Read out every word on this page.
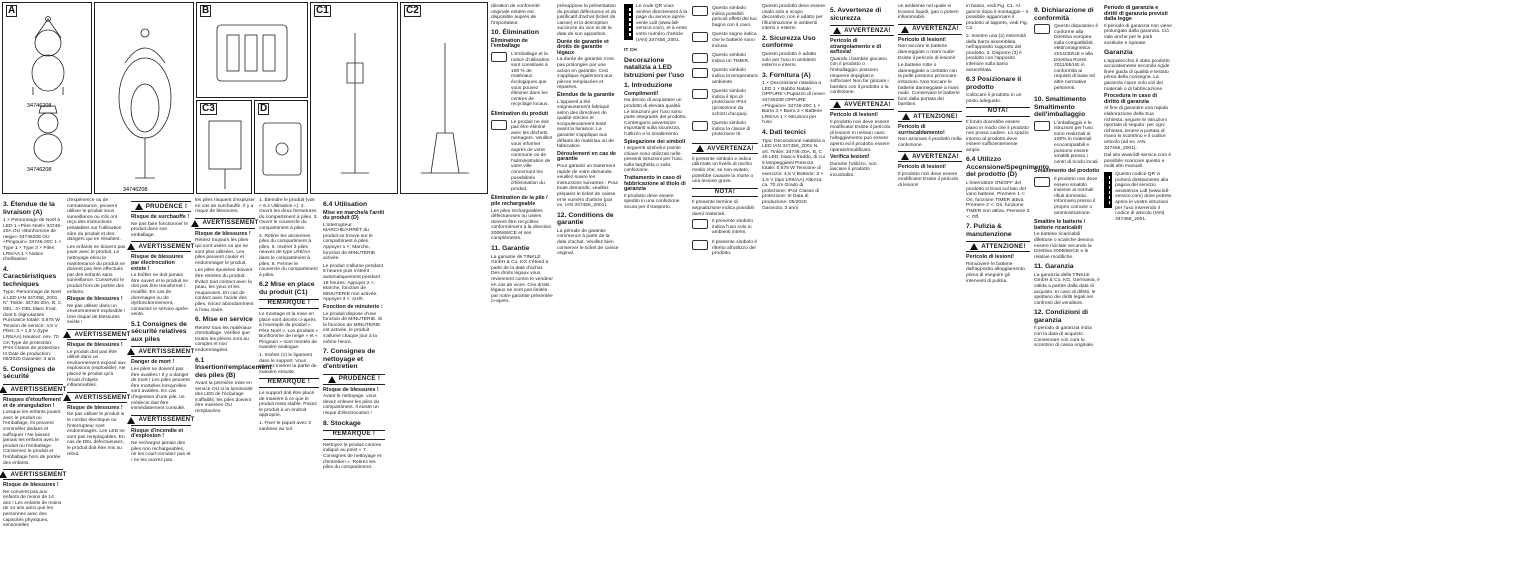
A
34746208
34746208
34746208
B
C3	D
C1	C2
3. Étendue de la livraison (A)

1 × Personnage de Noël à LED 1 «Père Noël» 34746-20A OU «Bonhomme de neige» 34746208 OU «Pingouin» 34746-20C 1 × Type 1 × Type 3 × Piles LR6/AA 1 × Notice d'utilisation

4. Caractéristiques techniques

Type: Personnage de Noël à LED IAN 347456_2001 N° Tinkle: 34746-20A, B, C DEL: 4× DEL blanc froid, dont 5 clignotantes Puissance totale: 0,675 W Tension de service: 4,5 V Piles: 3 × 1,5 V (type LR6/AA) Hauteur: env. 70 cm Type de protection: IP44 Classe de protection: III Date de production: 05/2020 Garantie: 3 ans

5. Consignes de sécurité
AVERTISSEMENT
Risques d'étouffement et de strangulation !

Lorsque les enfants jouent avec le produit ou l'emballage, ils peuvent s'emmêler dedans et suffoquer ! Ne laissez jamais les enfants avec le produit ou l'emballage. Conservez le produit et l'emballage hors de portée des enfants.

AVERTISSEMENT
Risque de blessures !

Ne convient pas aux enfants de moins de 14 ans ! Les enfants de moins de 14 ans ainsi que les personnes avec des capacités physiques, sensorielles

d'expérience ou de connaissance, peuvent utiliser le produit sous surveillance ou s'ils ont reçu des instructions préalables sur l'utilisation sûre du produit et des dangers qui en résultent.

Les enfants ne doivent pas jouer avec le produit. Le nettoyage et/ou la maintenance du produit ne doivent pas être effectués par des enfants sans surveillance. Conservez le produit hors de portée des enfants.

Risque de blessures !

Ne pas utiliser dans un environnement explosible ! Une risque de blessures existe !

AVERTISSEMENT
Risque de blessures !

Le produit doit pas être utilisé dans un environnement exposé aux explosions (explosible). Ne placez le produit qu'à l'écart d'objets inflammables.

AVERTISSEMENT
Risque de blessures !

Ne pas utiliser le produit si le cordon électrique ou l'interrupteur sont endommagés. Les LED ne sont pas remplaçables. En cas de DEL défectueuses, le produit doit être mis au rebut.

PRUDENCE !
Risque de surchauffe !

Ne pas faire fonctionner le produit dans son emballage.

AVERTISSEMENT
Risque de blessures par électrocution existe !

Le boîtier ne doit jamais être ouvert et le produit ne doit pas être transformé / modifié. En cas de dommages ou de dysfonctionnement, contactez le service après-vente.

5.1 Consignes de sécurité relatives aux piles
AVERTISSEMENT
Danger de mort !

Les piles ne doivent pas être avalées ! Il y a danger de mort ! Les piles peuvent être mortelles lorsqu'elles sont avalées. En cas d'ingestion d'une pile, un médecin doit être immédiatement consulté.

AVERTISSEMENT
Risque d'incendie et d'explosion !

Ne rechargez jamais des piles non rechargeables, ne les court-circuitez pas et / ne les ouvrez pas.

les piles risquent d'exploser en cas de surchauffe. Il y a risque de blessures.

AVERTISSEMENT
Risque de blessures !

Retirez toujours les piles qui sont usées ou qui ne sont plus utilisées. Les piles peuvent couler et endommager le produit.

Les piles épuisées doivent être retirées du produit. Évitez tout contact avec la peau, les yeux et les muqueuses. En cas de contact avec l'acide des piles, rincez abondamment à l'eau claire.

6. Mise en service

Retirez tous les matériaux d'emballage. Vérifiez que toutes les pièces sont au complet et non endommagées.

6.1 Insertion/remplacement des piles (B)

Avant la première mise en service OU si la luminosité des LED de l'éclairage s'affaiblit, les piles doivent être insérées OU remplacées.

1. Éteindre le produit (voir « 6.4 Utilisation »). 2. Ouvrir les deux fermetures du compartiment à piles. 3. Ouvrir le couvercle du compartiment à piles.

4. Retirer les anciennes piles du compartiment à piles. 5. Insérer 3 piles neuves de type LR6/AA dans le compartiment à piles. 6. Fermer le couvercle du compartiment à piles.

6.2 Mise en place du produit (C1)
REMARQUE !

Le montage et la mise en place sont décrits ci-après à l'exemple du produit « Père Noël ». Les produits « Bonhomme de neige » et « Pingouin » sont montés de manière analogue.

1. Insérer (1) le ligament dans le support. Vous pouvez insérer la partie de manière ensuite.

REMARQUE !

Le support doit être placé de manière à ce que le produit reste stable. Posez le produit à un endroit approprié.

1. Fixer le piquet avec 3 sardines au sol.

6.4 Utilisation
Mise en marche/à l'arrêt du produit (D)

L'interrupteur MARCHE/ARRÊT du produit se trouve sur le compartiment à piles. Appuyer 1 ×: Marche, fonction de MINUTERIE activée.

Le produit s'allume pendant 6 heures puis s'éteint automatiquement pendant 18 heures. Appuyer 2 ×: Marche, fonction de MINUTERIE non activée. Appuyer 3 ×: Arrêt.

Fonction de minuterie :

Le produit dispose d'une fonction de MINUTERIE. Si la fonction de MINUTERIE est activée, le produit s'allume chaque jour à la même heure.

7. Consignes de nettoyage et d'entretien
PRUDENCE !
Risque de blessures !

Avant le nettoyage, vous devez enlever les piles du compartiment. Il existe un risque d'électrocution !

8. Stockage
REMARQUE !

Nettoyez le produit comme indiqué au point « 7. Consignes de nettoyage et d'entretien ». Retirez les piles du compartiment.

dération de conformité originale entière est disponible auprès de l'importateur.

10. Élimination
Élimination de l'emballage

L'emballage et la notice d'utilisation sont constitués à 100 % de matériaux écologiques que vous pouvez éliminer dans les centres de recyclage locaux.

Élimination du produit

Le produit ne doit pas être éliminé avec les déchets ménagers. Veuillez vous informer auprès de votre commune ou de l'administration de votre ville concernant les possibilités d'élimination du produit.

Élimination de la pile / pile rechargeable

Les piles rechargeables défectueuses ou usées doivent être recyclées conformément à la directive 2006/66/CE et ses compléments.

11. Garantie

La garantie de TINKLE GmbH & Co. KG s'étend à partir de la date d'achat. Des droits légaux vous reviennent contre le vendeur en cas de vices. Ces droits légaux ne sont pas limités par notre garantie présentée ci-après.

présuppose la présentation du produit défectueux et du justificatif d'achat (ticket de caisse) et la description succincte du vice et de la date de son apparition.

Durée de garantie et droits de garantie légaux

La durée de garantie n'est pas prolongée par une action en garantie. Ceci s'applique également aux pièces remplacées et réparées.

Étendue de la garantie

L'appareil a été soigneusement fabriqué selon des directives de qualité strictes et scrupuleusement testé avant la livraison. La garantie s'applique aux défauts de matériau ou de fabrication.

Déroulement en cas de garantie

Pour garantir un traitement rapide de votre demande, veuillez suivre les instructions suivantes : Pour toute demande, veuillez préparer le ticket de caisse et le numéro d'article (par ex. IAN 347456_2001).

12. Conditions de garantie

La période de garantie commence à partir de la date d'achat. Veuillez bien conserver le ticket de caisse original.

Le code QR vous amène directement à la page du service après-vente Lidl (www.lidl-service.com), et à entre votre numéro d'article (IAN) 347456_2001.

IT CH

Decorazione natalizia a LED Istruzioni per l'uso
1. Introduzione
Complimenti!

Ha deciso di acquistare un prodotto di elevata qualità. Le istruzioni per l'uso sono parte integrante del prodotto. Contengono avvertenze importanti sulla sicurezza, l'utilizzo e lo smaltimento.

Spiegazione dei simboli

I seguenti simboli e parole chiave sono utilizzati nelle presenti istruzioni per l'uso, sulla targhetta o sulla confezione.

Trattamento in caso di fabbricazione al titolo di garanzia

Il prodotto deve essere spedito in una confezione sicura per il trasporto.

Questo simbolo indica possibili pericoli effetti del tuo bagno con il cavo.

Questo segno indica che le batterie sono incluse.

Questo simbolo indica un TIMER.

Questo simbolo indica la temperatura ambiente.

Questo simbolo indica il tipo di protezione IP44 (protezione da schizzi d'acqua).

Questo simbolo indica la classe di protezione III.

AVVERTENZA!

Il presente simbolo e indica utilizzate un livello di rischio medio che, se non evitato, potrebbe causare la morte o una lesione grave.

NOTA!

Il presente termine di segnalazione indica possibili danni materiali.

Il presente simbolo indica l'uso solo in ambienti interni.

Il presente simbolo è riferito all'utilizzo del prodotto.

Questo prodotto deve essere usato solo a scopo decorativo, non è adatto per l'illuminazione in ambienti interni o esterni.

2. Sicurezza Uso conforme

Questo prodotto è adatto solo per l'uso in ambienti esterni e interni.

3. Fornitura (A)

1 × Decorazione natalizia a LED 1 × Babbo Natale OPPURE «Pupazzo di neve» 34746208 OPPURE «Pinguino» 34746-20C 1 × Barra 3 × Barra 3 × Batterie LR6/AA 1 × Istruzioni per l'uso

4. Dati tecnici

Tipo: Decorazione natalizia a LED IAN 347456_2001 N. art. Tinkle: 34746-20A, B, C 45 LED, bianco freddo, di cui 5 lampeggianti Potenza totale: 0,675 W Tensione di esercizio: 4,5 V Batterie: 3 × 1,5 V (tipo LR6/AA) Altezza: ca. 70 cm Grado di protezione: IP44 Classe di protezione: III Data di produzione: 05/2020 Garanzia: 3 anni

5. Avvertenze di sicurezza
AVVERTENZA!
Pericolo di strangolamento e di asfissia!

Quando i bambini giocano con il prodotto o l'imballaggio, possono rimanere impigliati e soffocare! Non far giocare i bambini con il prodotto o la confezione.

AVVERTENZA!
Pericolo di lesioni!

Il prodotto non deve essere modificato! Esiste il pericolo di lesioni! In nessun caso l'alloggiamento può essere aperto ed il prodotto essere riparato/modificato.

Verifica lesioni!

Durante l'utilizzo, non lasciare il prodotto incustodito.

un ambiente nel quale si trovano liquidi, gas o polveri infiammabili.

AVVERTENZA!
Pericolo di lesioni!

Non toccare le batterie danneggiate o mani nude! Esiste il pericolo di lesioni!

Le batterie rotte o danneggiate a contatto con la pelle possono provocare irritazioni. Non toccare le batterie danneggiate a mani nude. Conservare le batterie fuori dalla portata dei bambini.

ATTENZIONE!
Pericolo di surriscaldamento!

Non azionare il prodotto nella confezione.

AVVERTENZA!
Pericolo di lesioni!

Il prodotto non deve essere modificato! Esiste il pericolo di lesioni!

in basso, vedi Fig. C1. Al gancio dopo il montaggio – è possibile agganciare il prodotto al tappeto, vedi Fig. C2.

2. Inserire una (2) estremità della barra assemblata nell'apposito supporto del prodotto. 3. Disporre (3) il prodotto con l'apposito inferiore sulla barra assemblata.

6.3 Posizionare il prodotto

Collocare il prodotto in un posto adeguato.

NOTA!

Il fondo dovrebbe essere piano in modo che il prodotto non possa cadere. Lo spazio intorno al prodotto deve essere sufficientemente ampio.

6.4 Utilizzo Accensione/Spegnimento del prodotto (D)

L'interruttore ON/OFF del prodotto si trova sul lato del vano batterie. Premere 1 ×: On, funzione TIMER attiva. Premere 2 ×: On, funzione TIMER non attiva. Premere 3 ×: Off.

7. Pulizia & manutenzione
ATTENZIONE!
Pericolo di lesioni!

Rimuovere le batterie dall'apposito alloggiamento prima di eseguire gli interventi di pulizia.

9. Dichiarazione di conformità

Questo dispositivo è conforme alla Direttiva europea sulla compatibilità elettromagnetica 2014/30/UE e alla Direttiva RoHS 2011/65/UE in conformità ai requisiti di base ed altre normative pertinenti.

10. Smaltimento Smaltimento dell'imballaggio

L'imballaggio e le istruzioni per l'uso sono realizzati al 100% in materiali ecocompatibili e possono essere smaltiti presso i centri di riciclo locali.

Smaltimento del prodotto

Il prodotto non deve essere smaltito insieme ai normali rifiuti domestici. Informarsi presso il proprio comune o amministrazione.

Smaltire le batterie / batterie ricaricabili

Le batterie ricaricabili difettose o scariche devono essere riciclate secondo la Direttiva 2006/66/CE e le relative modifiche.

11. Garanzia

La garanzia della TINKLE GmbH & Co. KG, Germania, è valida a partire dalla data di acquisto. In caso di difetti, le spettano dei diritti legali nei confronti del venditore.

12. Condizioni di garanzia

Il periodo di garanzia inizia con la data di acquisto. Conservare con cura lo scontrino di cassa originale.

Periodo di garanzia e diritti di garanzia previsti dalla legge

Il periodo di garanzia non viene prolungato dalla garanzia. Ciò vale anche per le parti sostituite e riparate.

Garanzia

L'apparecchio è stato prodotto accuratamente secondo rigide linee guida di qualità e testato prima della consegna. La garanzia copre solo vizi dei materiali o di fabbricazione.

Procedura in caso di diritto di garanzia

Al fine di garantire una rapida elaborazione della Sua richiesta, seguire le istruzioni riportate di seguito: per ogni richiesta, tenere a portata di mano lo scontrino e il codice articolo (ad es. IAN 347456_2001).

Dal sito www.lidl-service.com è possibile scaricare questo e molti altri manuali.

Questo codice QR vi porterà direttamente alla pagina del servizio assistenza Lidl (www.lidl-service.com) dove potrete aprire le vostre istruzioni per l'uso inserendo il codice di articolo (IAN) 347456_2001.
